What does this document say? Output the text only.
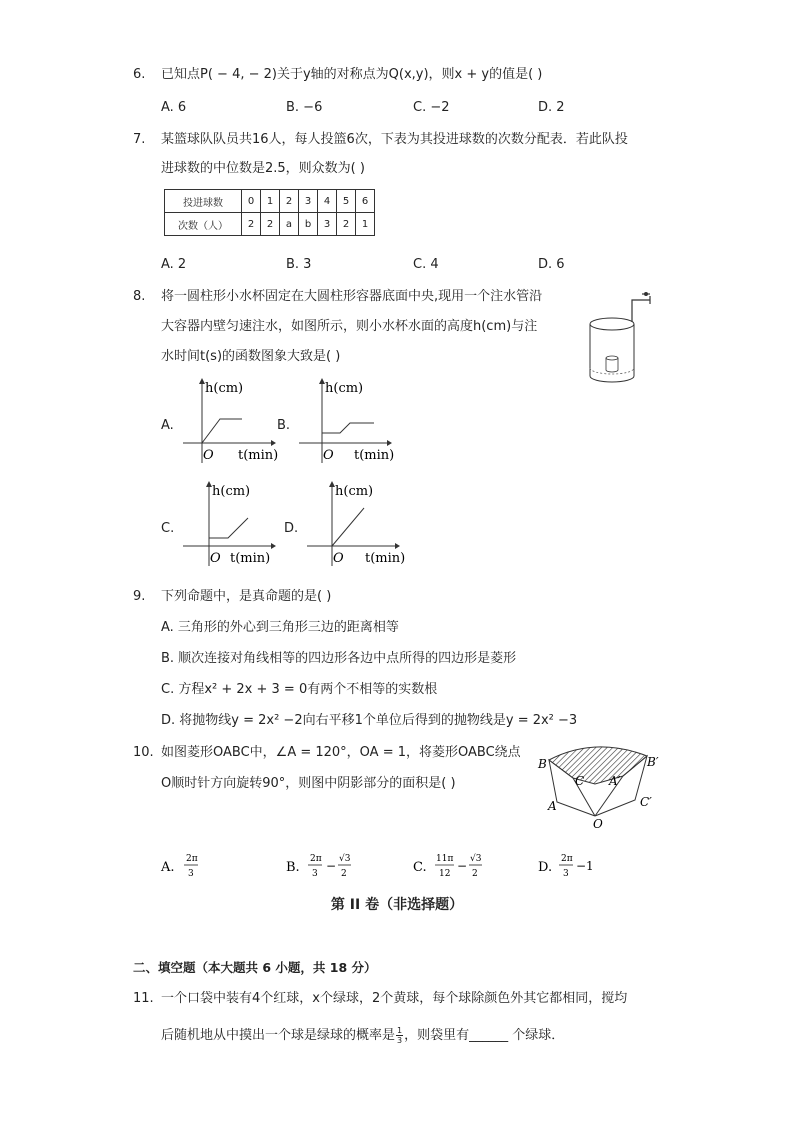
6. 已知点P( − 4, − 2)关于y轴的对称点为Q(x,y)，则x + y的值是( )
A. 6	B. −6	C. −2	D. 2
7. 某篮球队队员共16人，每人投篮6次，下表为其投进球数的次数分配表．若此队投
进球数的中位数是2.5，则众数为( )
投进球数	0	1	2	3	4	5	6
次数（人）	2	2	a	b	3	2	1
A. 2	B. 3	C. 4	D. 6
8. 将一圆柱形小水杯固定在大圆柱形容器底面中央,现用一个注水管沿
大容器内壁匀速注水，如图所示，则小水杯水面的高度h(cm)与注
水时间t(s)的函数图象大致是( )
A.
h(cm)
O t(min)
B.
h(cm)
O t(min)
C.
h(cm)
O t(min)
D.
h(cm)
O t(min)
9. 下列命题中，是真命题的是( )
A. 三角形的外心到三角形三边的距离相等
B. 顺次连接对角线相等的四边形各边中点所得的四边形是菱形
C. 方程x² + 2x + 3 = 0有两个不相等的实数根
D. 将抛物线y = 2x² −2向右平移1个单位后得到的抛物线是y = 2x² −3
10. 如图菱形OABC中，∠A = 120°，OA = 1，将菱形OABC绕点
O顺时针方向旋转90°，则图中阴影部分的面积是( )
B
C A′
B′
A	C′
O
A.
2π
3	B.
2π
3
− √3
2	C.
11π
12
− √3
2	D.
2π
3
−1
第 II 卷（非选择题）
二、填空题（本大题共 6 小题，共 18 分）
11. 一个口袋中装有4个红球，x个绿球，2个黄球，每个球除颜色外其它都相同，搅均
后随机地从中摸出一个球是绿球的概率是 $\frac{1}{3}$ ，则袋里有______ 个绿球．
